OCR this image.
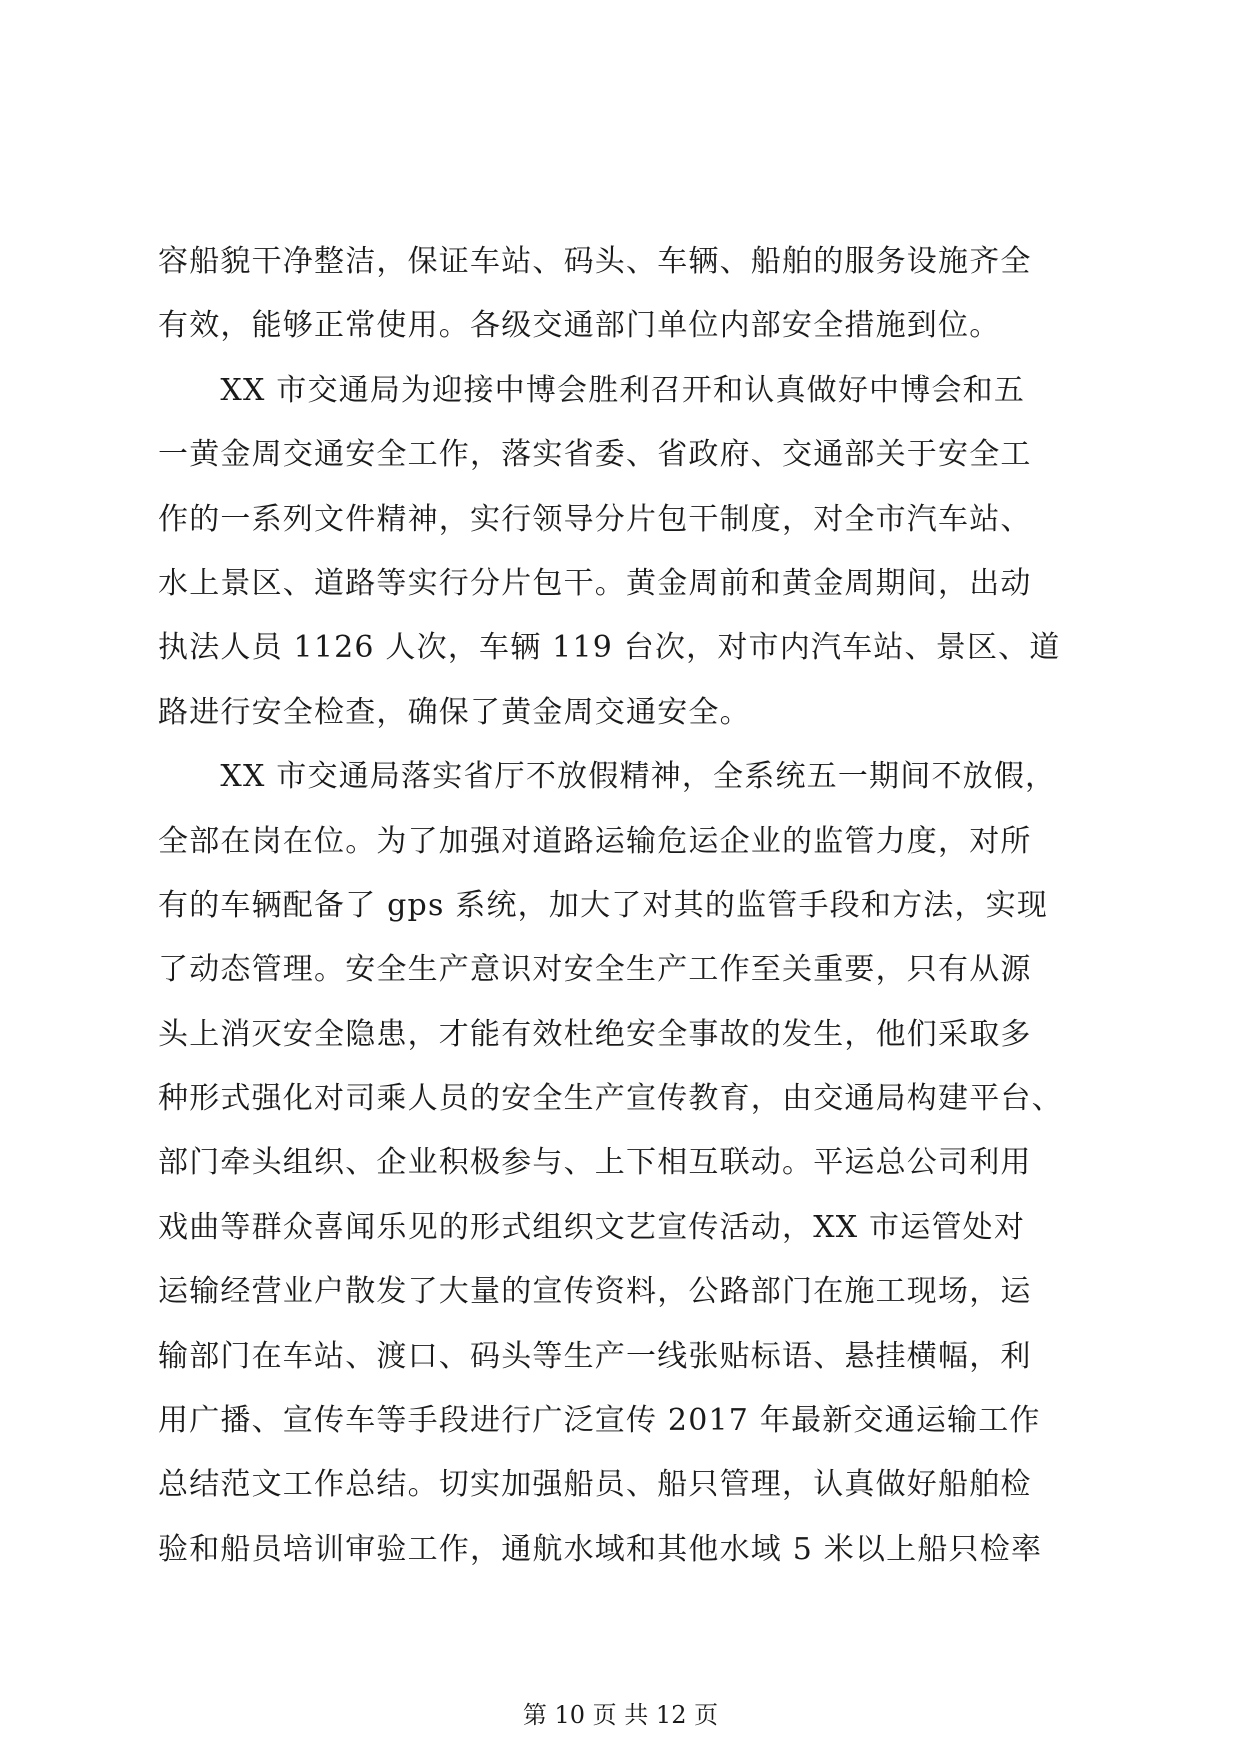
容船貌干净整洁，保证车站、码头、车辆、船舶的服务设施齐全
有效，能够正常使用。各级交通部门单位内部安全措施到位。
　　XX 市交通局为迎接中博会胜利召开和认真做好中博会和五
一黄金周交通安全工作，落实省委、省政府、交通部关于安全工
作的一系列文件精神，实行领导分片包干制度，对全市汽车站、
水上景区、道路等实行分片包干。黄金周前和黄金周期间，出动
执法人员 1126 人次，车辆 119 台次，对市内汽车站、景区、道
路进行安全检查，确保了黄金周交通安全。
　　XX 市交通局落实省厅不放假精神，全系统五一期间不放假，
全部在岗在位。为了加强对道路运输危运企业的监管力度，对所
有的车辆配备了 gps 系统，加大了对其的监管手段和方法，实现
了动态管理。安全生产意识对安全生产工作至关重要，只有从源
头上消灭安全隐患，才能有效杜绝安全事故的发生，他们采取多
种形式强化对司乘人员的安全生产宣传教育，由交通局构建平台、
部门牵头组织、企业积极参与、上下相互联动。平运总公司利用
戏曲等群众喜闻乐见的形式组织文艺宣传活动，XX 市运管处对
运输经营业户散发了大量的宣传资料，公路部门在施工现场，运
输部门在车站、渡口、码头等生产一线张贴标语、悬挂横幅，利
用广播、宣传车等手段进行广泛宣传 2017 年最新交通运输工作
总结范文工作总结。切实加强船员、船只管理，认真做好船舶检
验和船员培训审验工作，通航水域和其他水域 5 米以上船只检率
第 10 页 共 12 页
